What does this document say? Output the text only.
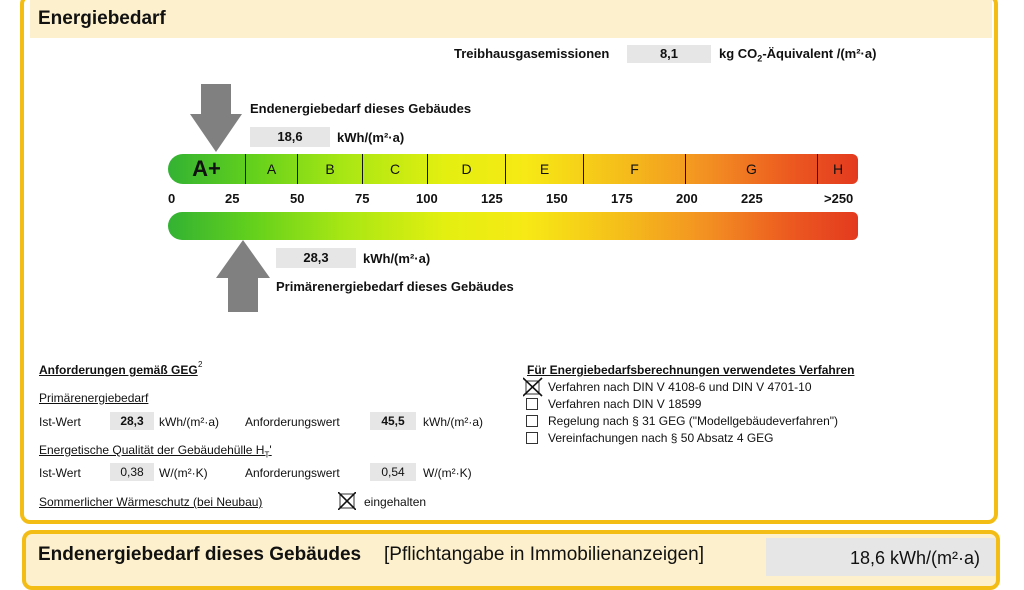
Energiebedarf
Treibhausgasemissionen	8,1	kg $CO_2$-Äquivalent /(m²·a)
Endenergiebedarf dieses Gebäudes
18,6	kWh/(m²·a)
A+	A	B	C	D	E	F	G	H
0	25	50	75	100	125	150	175	200	225	>250
28,3	kWh/(m²·a)
Primärenergiebedarf dieses Gebäudes
Anforderungen gemäß GEG 2
Primärenergiebedarf
Ist-Wert	28,3	kWh/(m²·a) Anforderungswert	45,5	kWh/(m²·a)
Energetische Qualität der Gebäudehülle $H_T'$
Ist-Wert	0,38	W/(m²·K)	Anforderungswert	0,54	W/(m²·K)
Sommerlicher Wärmeschutz (bei Neubau)	eingehalten
Für Energiebedarfsberechnungen verwendetes Verfahren
Verfahren nach DIN V 4108-6 und DIN V 4701-10
Verfahren nach DIN V 18599
Regelung nach § 31 GEG ("Modellgebäudeverfahren")
Vereinfachungen nach § 50 Absatz 4 GEG
Endenergiebedarf dieses Gebäudes [Pflichtangabe in Immobilienanzeigen]	18,6 kWh/(m²·a)
